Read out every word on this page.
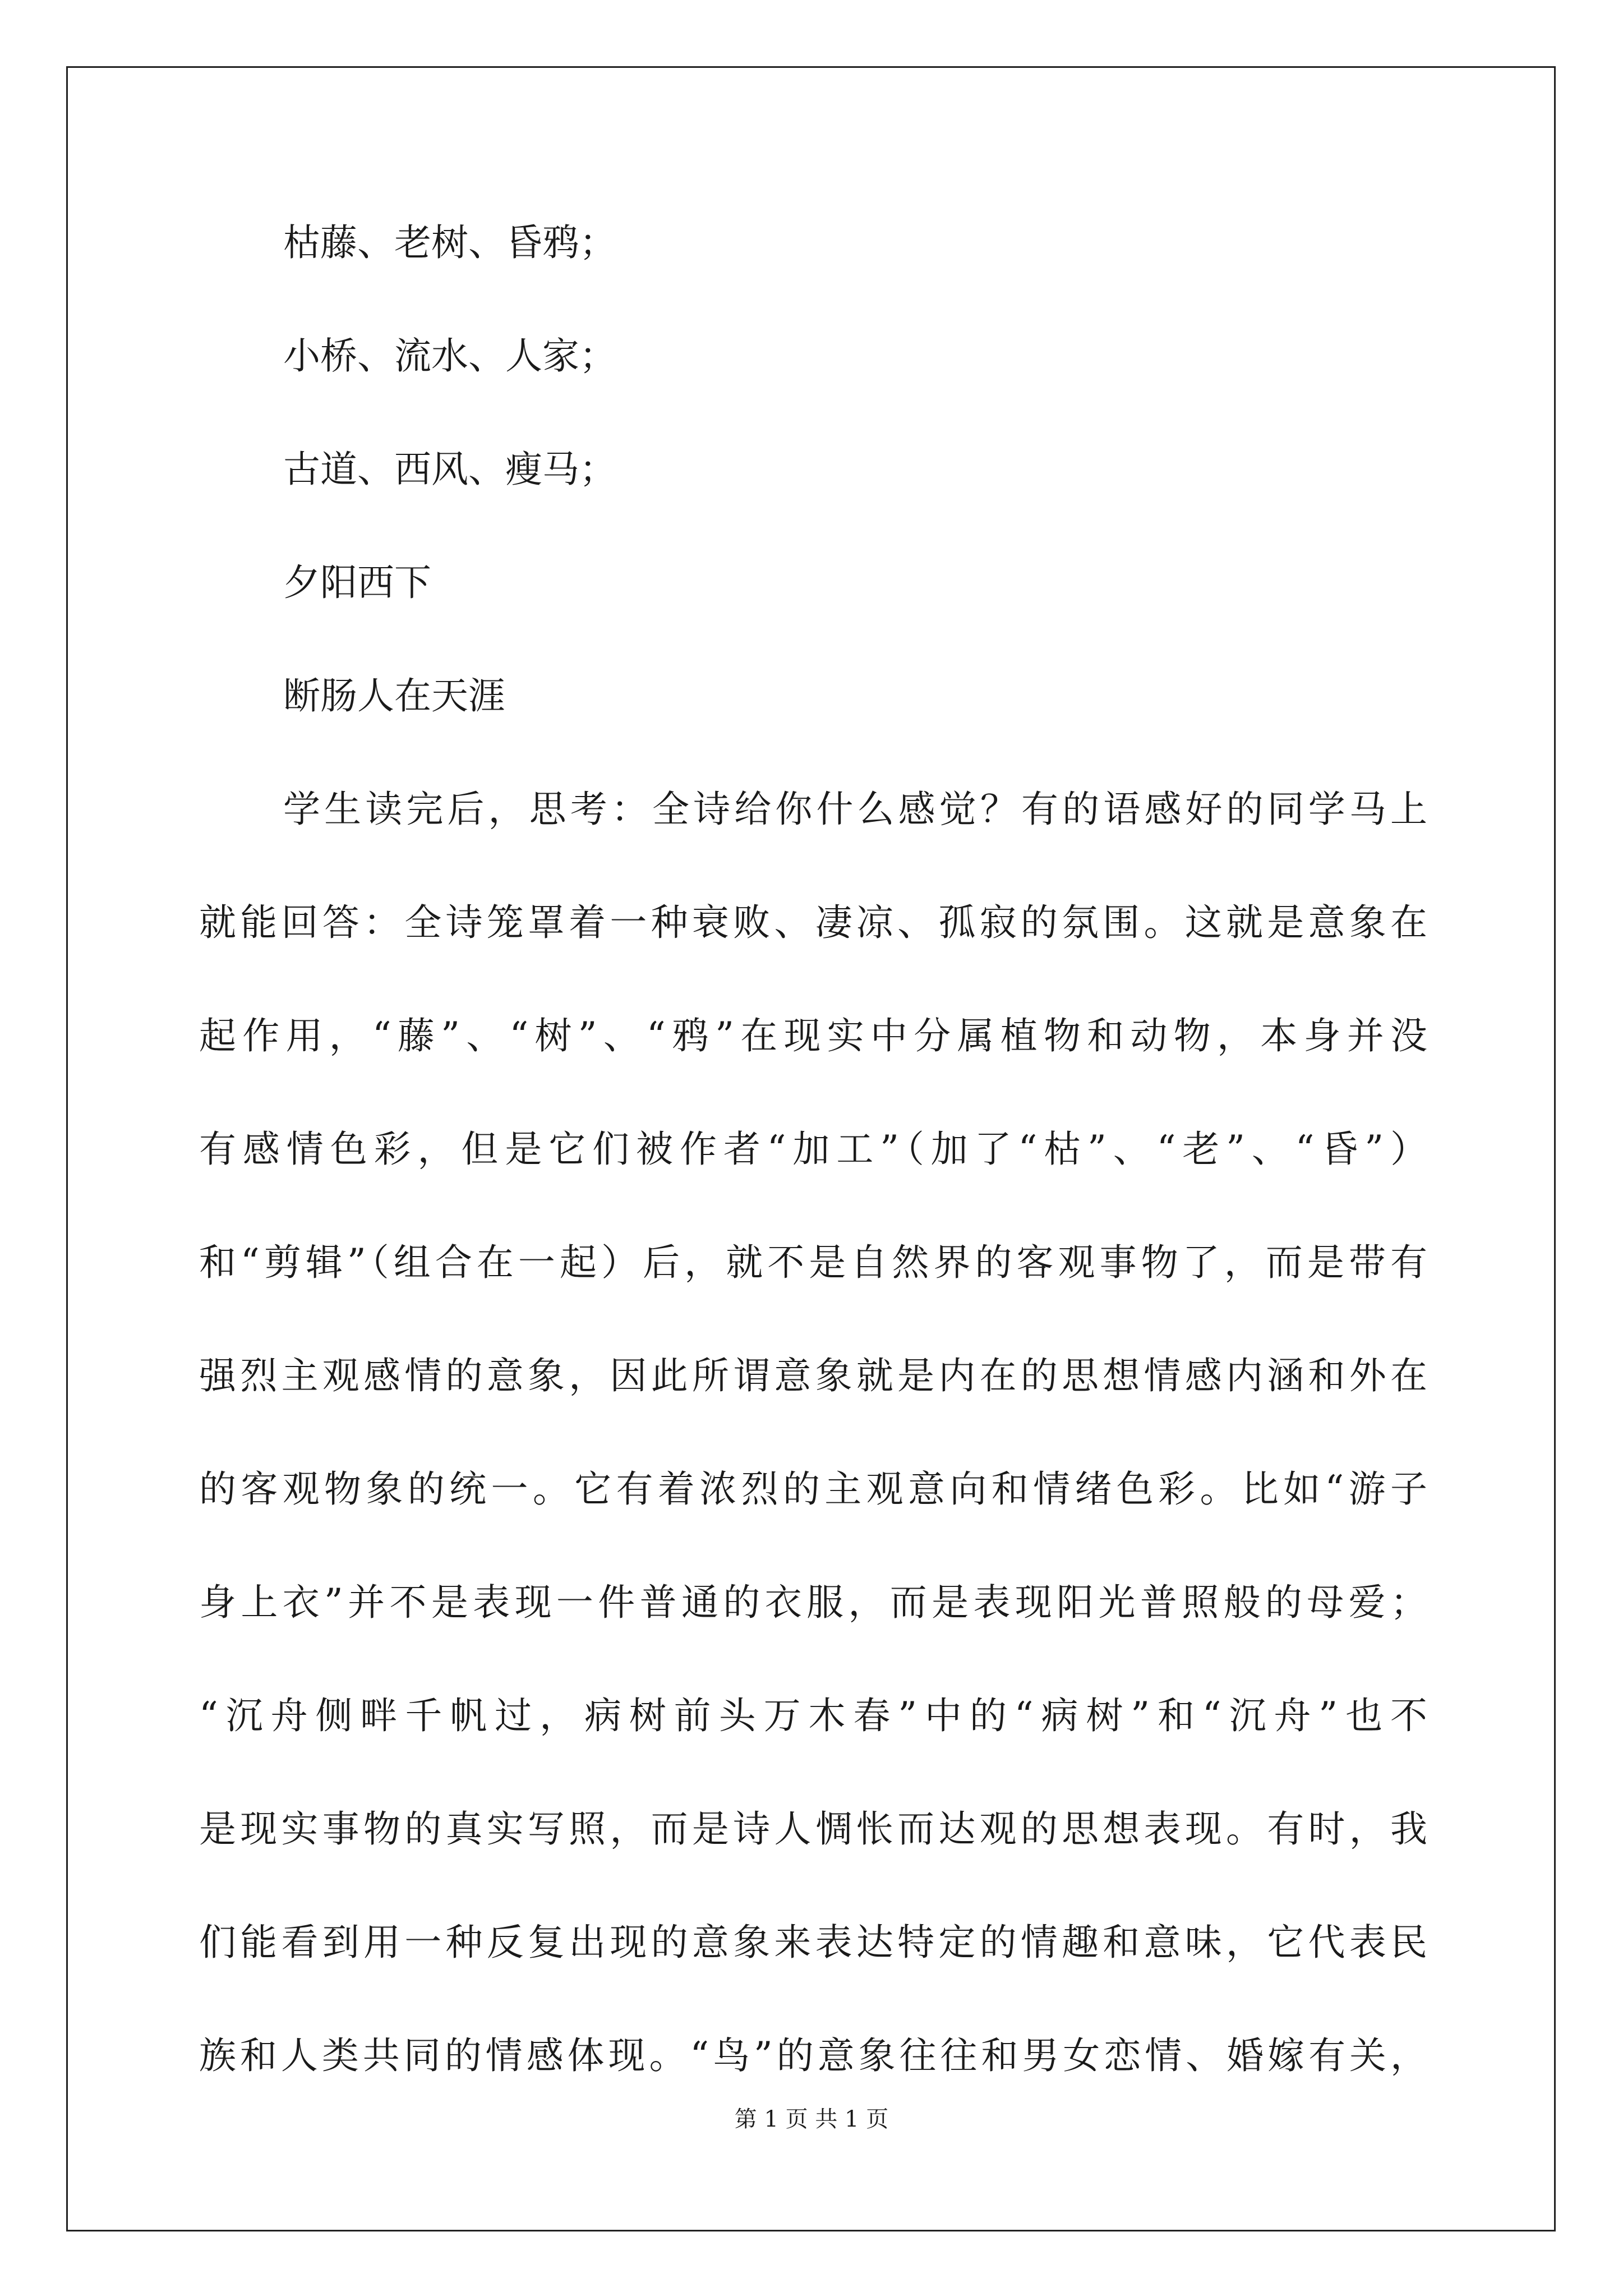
枯藤、老树、昏鸦；
小桥、流水、人家；
古道、西风、瘦马；
夕阳西下
断肠人在天涯
学生读完后，思考：全诗给你什么感觉？有的语感好的同学马上
就能回答：全诗笼罩着一种衰败、凄凉、孤寂的氛围。这就是意象在
起作用，“藤”、“树”、“鸦”在现实中分属植物和动物，本身并没
有感情色彩，但是它们被作者“加工”（加了“枯”、“老”、“昏”）
和“剪辑”（组合在一起）后，就不是自然界的客观事物了，而是带有
强烈主观感情的意象，因此所谓意象就是内在的思想情感内涵和外在
的客观物象的统一。它有着浓烈的主观意向和情绪色彩。比如“游子
身上衣”并不是表现一件普通的衣服，而是表现阳光普照般的母爱；
“沉舟侧畔千帆过，病树前头万木春”中的“病树”和“沉舟”也不
是现实事物的真实写照，而是诗人惆怅而达观的思想表现。有时，我
们能看到用一种反复出现的意象来表达特定的情趣和意味，它代表民
族和人类共同的情感体现。“鸟”的意象往往和男女恋情、婚嫁有关，
第 1 页 共 1 页
